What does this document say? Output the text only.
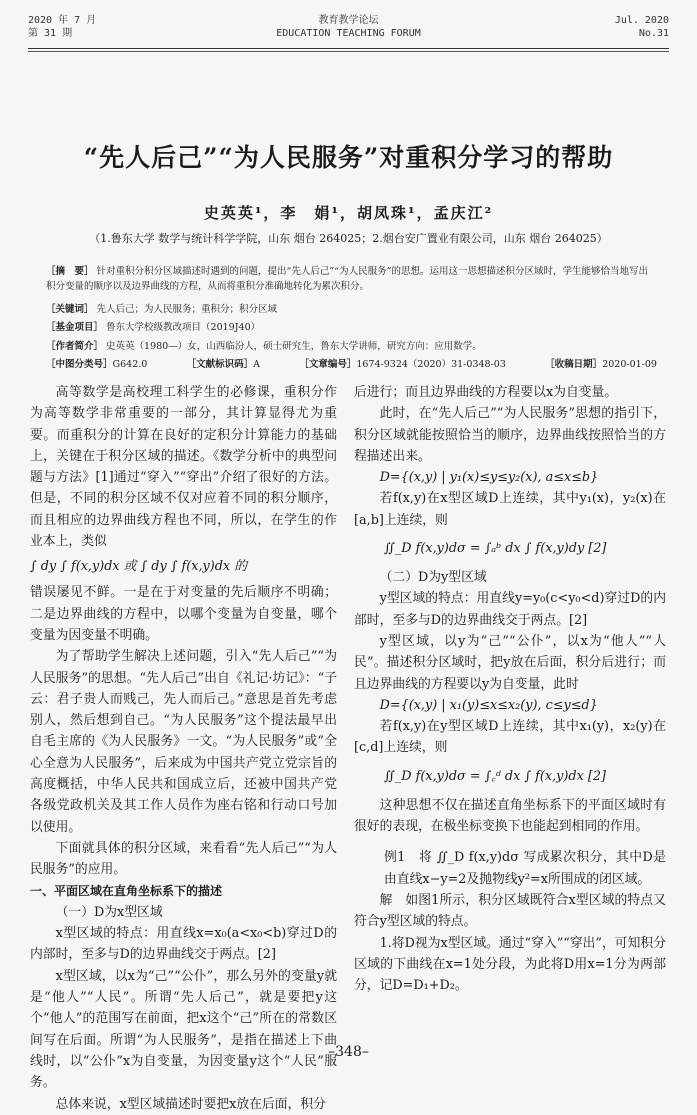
2020 年 7 月
第 31 期
教育教学论坛
EDUCATION TEACHING FORUM
Jul. 2020
No.31
“先人后己”“为人民服务”对重积分学习的帮助
史英英¹，李　娟¹，胡凤珠¹，孟庆江²
（1.鲁东大学 数学与统计科学学院，山东 烟台 264025；2.烟台安广置业有限公司，山东 烟台 264025）
［摘　要］ 针对重积分积分区域描述时遇到的问题，提出“先人后己”“为人民服务”的思想。运用这一思想描述积分区域时，学生能够恰当地写出积分变量的顺序以及边界曲线的方程，从而将重积分准确地转化为累次积分。
［关键词］ 先人后己；为人民服务；重积分；积分区域
［基金项目］ 鲁东大学校级教改项目（2019J40）
［作者简介］ 史英英（1980—）女，山西临汾人，硕士研究生，鲁东大学讲师，研究方向：应用数学。
［中图分类号］G642.0	［文献标识码］A	［文章编号］1674-9324（2020）31-0348-03	［收稿日期］2020-01-09

高等数学是高校理工科学生的必修课，重积分作为高等数学非常重要的一部分，其计算显得尤为重要。而重积分的计算在良好的定积分计算能力的基础上，关键在于积分区域的描述。《数学分析中的典型问题与方法》[1]通过“穿入”“穿出”介绍了很好的方法。但是，不同的积分区域不仅对应着不同的积分顺序，而且相应的边界曲线方程也不同，所以，在学生的作业本上，类似

∫ dy ∫ f(x,y)dx 或 ∫ dy ∫ f(x,y)dx 的

错误屡见不鲜。一是在于对变量的先后顺序不明确；二是边界曲线的方程中，以哪个变量为自变量，哪个变量为因变量不明确。

为了帮助学生解决上述问题，引入“先人后己”“为人民服务”的思想。“先人后己”出自《礼记·坊记》：“子云：君子贵人而贱己，先人而后己。”意思是首先考虑别人，然后想到自己。“为人民服务”这个提法最早出自毛主席的《为人民服务》一文。“为人民服务”或“全心全意为人民服务”，后来成为中国共产党立党宗旨的高度概括，中华人民共和国成立后，还被中国共产党各级党政机关及其工作人员作为座右铭和行动口号加以使用。

下面就具体的积分区域，来看看“先人后己”“为人民服务”的应用。

一、平面区域在直角坐标系下的描述

（一）D为x型区域

x型区域的特点：用直线x=x₀(a<x₀<b)穿过D的内部时，至多与D的边界曲线交于两点。[2]

x型区域，以x为“己”“公仆”，那么另外的变量y就是“他人”“人民”。所谓“先人后己”，就是要把y这个“他人”的范围写在前面，把x这个“己”所在的常数区间写在后面。所谓“为人民服务”，是指在描述上下曲线时，以“公仆”x为自变量，为因变量y这个“人民”服务。

总体来说，x型区域描述时要把x放在后面，积分

后进行；而且边界曲线的方程要以x为自变量。

此时，在“先人后己”“为人民服务”思想的指引下，积分区域就能按照恰当的顺序，边界曲线按照恰当的方程描述出来。

D={(x,y) | y₁(x)≤y≤y₂(x), a≤x≤b}

若f(x,y)在x型区域D上连续，其中y₁(x)，y₂(x)在[a,b]上连续，则

∬_D f(x,y)dσ = ∫ₐᵇ dx ∫ f(x,y)dy [2]

（二）D为y型区域

y型区域的特点：用直线y=y₀(c<y₀<d)穿过D的内部时，至多与D的边界曲线交于两点。[2]

y型区域，以y为“己”“公仆”，以x为“他人”“人民”。描述积分区域时，把y放在后面，积分后进行；而且边界曲线的方程要以y为自变量，此时

D={(x,y) | x₁(y)≤x≤x₂(y), c≤y≤d}

若f(x,y)在y型区域D上连续，其中x₁(y)，x₂(y)在[c,d]上连续，则

∬_D f(x,y)dσ = ∫꜀ᵈ dx ∫ f(x,y)dx [2]

这种思想不仅在描述直角坐标系下的平面区域时有很好的表现，在极坐标变换下也能起到相同的作用。

例1　将 ∬_D f(x,y)dσ 写成累次积分，其中D是由直线x−y=2及抛物线y²=x所围成的闭区域。

解　如图1所示，积分区域既符合x型区域的特点又符合y型区域的特点。

1.将D视为x型区域。通过“穿入”“穿出”，可知积分区域的下曲线在x=1处分段，为此将D用x=1分为两部分，记D=D₁+D₂。

–348–
